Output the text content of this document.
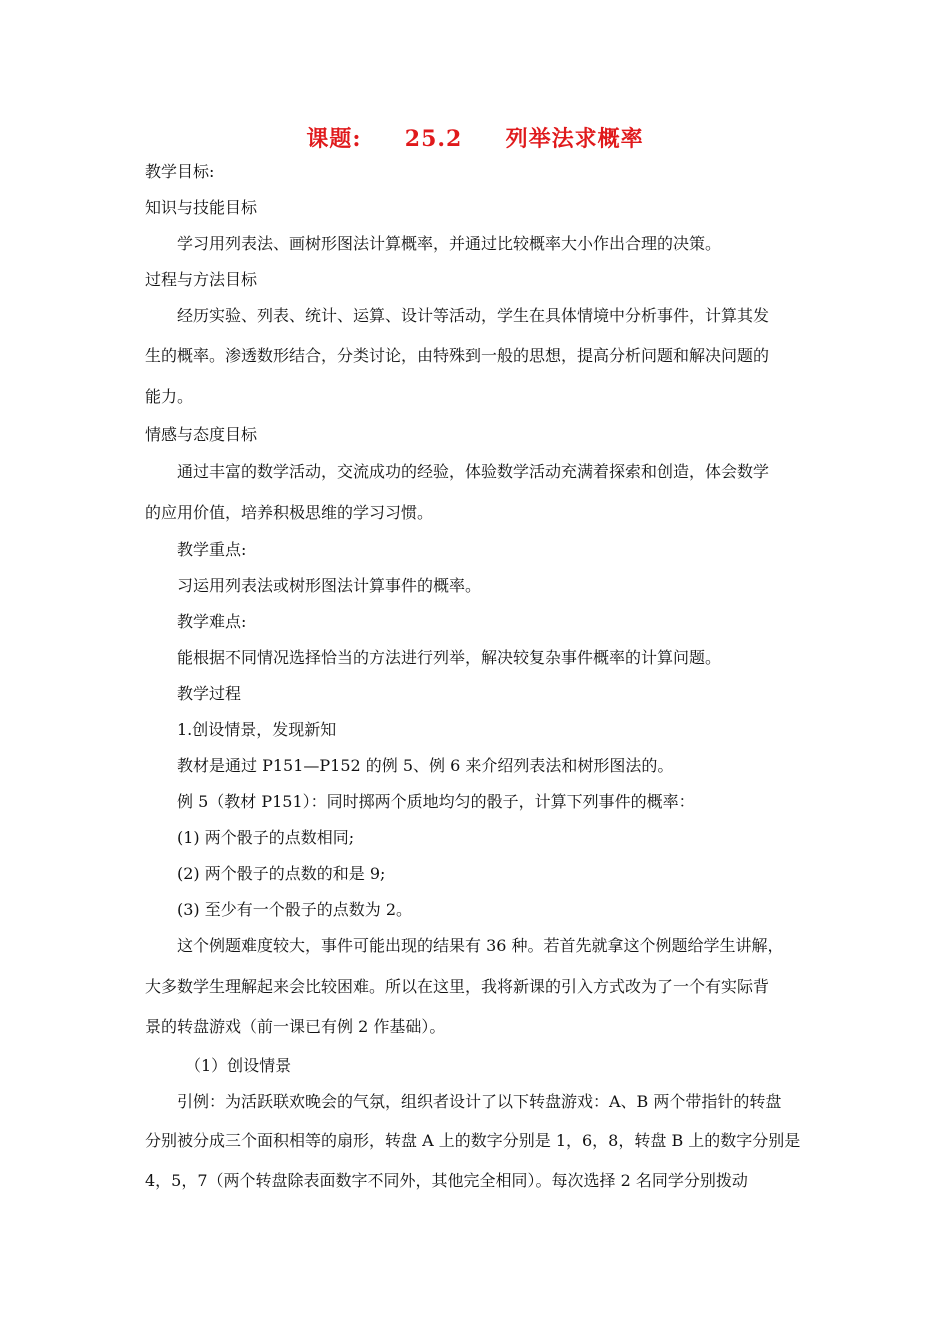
课题:     25.2     列举法求概率
教学目标:
知识与技能目标
学习用列表法、画树形图法计算概率，并通过比较概率大小作出合理的决策。
过程与方法目标
经历实验、列表、统计、运算、设计等活动，学生在具体情境中分析事件，计算其发
生的概率。渗透数形结合，分类讨论，由特殊到一般的思想，提高分析问题和解决问题的
能力。
情感与态度目标
通过丰富的数学活动，交流成功的经验，体验数学活动充满着探索和创造，体会数学
的应用价值，培养积极思维的学习习惯。
教学重点:
习运用列表法或树形图法计算事件的概率。
教学难点:
能根据不同情况选择恰当的方法进行列举，解决较复杂事件概率的计算问题。
教学过程
1.创设情景，发现新知
教材是通过 P151—P152 的例 5、例 6 来介绍列表法和树形图法的。
例 5（教材 P151）：同时掷两个质地均匀的骰子，计算下列事件的概率：
(1) 两个骰子的点数相同;
(2) 两个骰子的点数的和是 9;
(3) 至少有一个骰子的点数为 2。
这个例题难度较大，事件可能出现的结果有 36 种。若首先就拿这个例题给学生讲解，
大多数学生理解起来会比较困难。所以在这里，我将新课的引入方式改为了一个有实际背
景的转盘游戏（前一课已有例 2 作基础）。
（1）创设情景
引例：为活跃联欢晚会的气氛，组织者设计了以下转盘游戏：A、B 两个带指针的转盘
分别被分成三个面积相等的扇形，转盘 A 上的数字分别是 1，6，8，转盘 B 上的数字分别是
4，5，7（两个转盘除表面数字不同外，其他完全相同）。每次选择 2 名同学分别拨动
